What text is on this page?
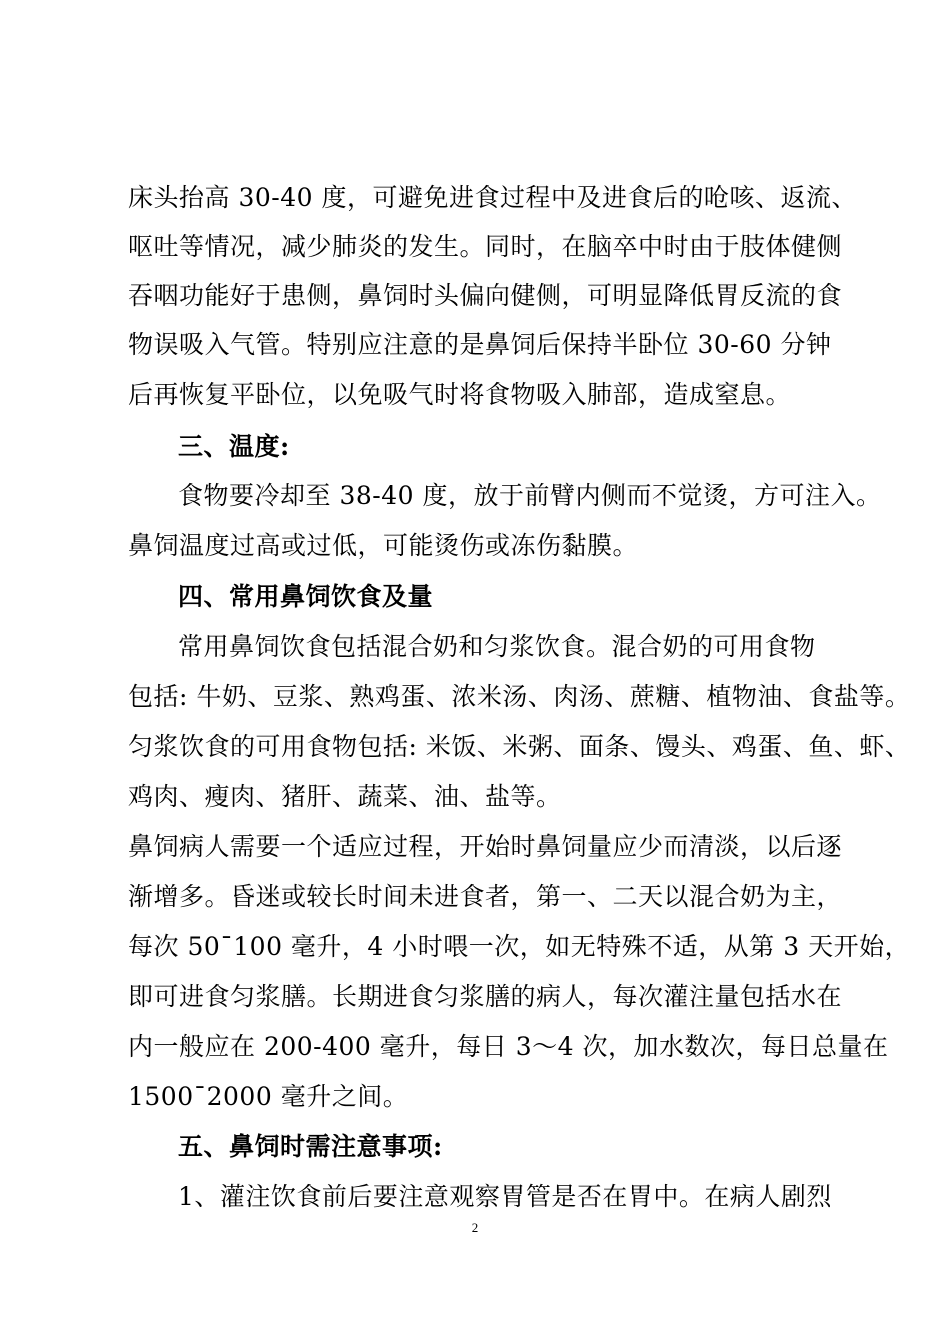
床头抬高 30-40 度，可避免进食过程中及进食后的呛咳、返流、
呕吐等情况，减少肺炎的发生。同时，在脑卒中时由于肢体健侧
吞咽功能好于患侧，鼻饲时头偏向健侧，可明显降低胃反流的食
物误吸入气管。特别应注意的是鼻饲后保持半卧位 30-60 分钟
后再恢复平卧位，以免吸气时将食物吸入肺部，造成窒息。
三、温度:
食物要冷却至 38-40 度，放于前臂内侧而不觉烫，方可注入。
鼻饲温度过高或过低，可能烫伤或冻伤黏膜。
四、常用鼻饲饮食及量
常用鼻饲饮食包括混合奶和匀浆饮食。混合奶的可用食物
包括: 牛奶、豆浆、熟鸡蛋、浓米汤、肉汤、蔗糖、植物油、食盐等。
匀浆饮食的可用食物包括: 米饭、米粥、面条、馒头、鸡蛋、鱼、虾、
鸡肉、瘦肉、猪肝、蔬菜、油、盐等。
鼻饲病人需要一个适应过程，开始时鼻饲量应少而清淡，以后逐
渐增多。昏迷或较长时间未进食者，第一、二天以混合奶为主，
每次 50¯100 毫升，4 小时喂一次，如无特殊不适，从第 3 天开始，
即可进食匀浆膳。长期进食匀浆膳的病人，每次灌注量包括水在
内一般应在 200-400 毫升，每日 3～4 次，加水数次，每日总量在
1500¯2000 毫升之间。
五、鼻饲时需注意事项:
1、灌注饮食前后要注意观察胃管是否在胃中。在病人剧烈
2
